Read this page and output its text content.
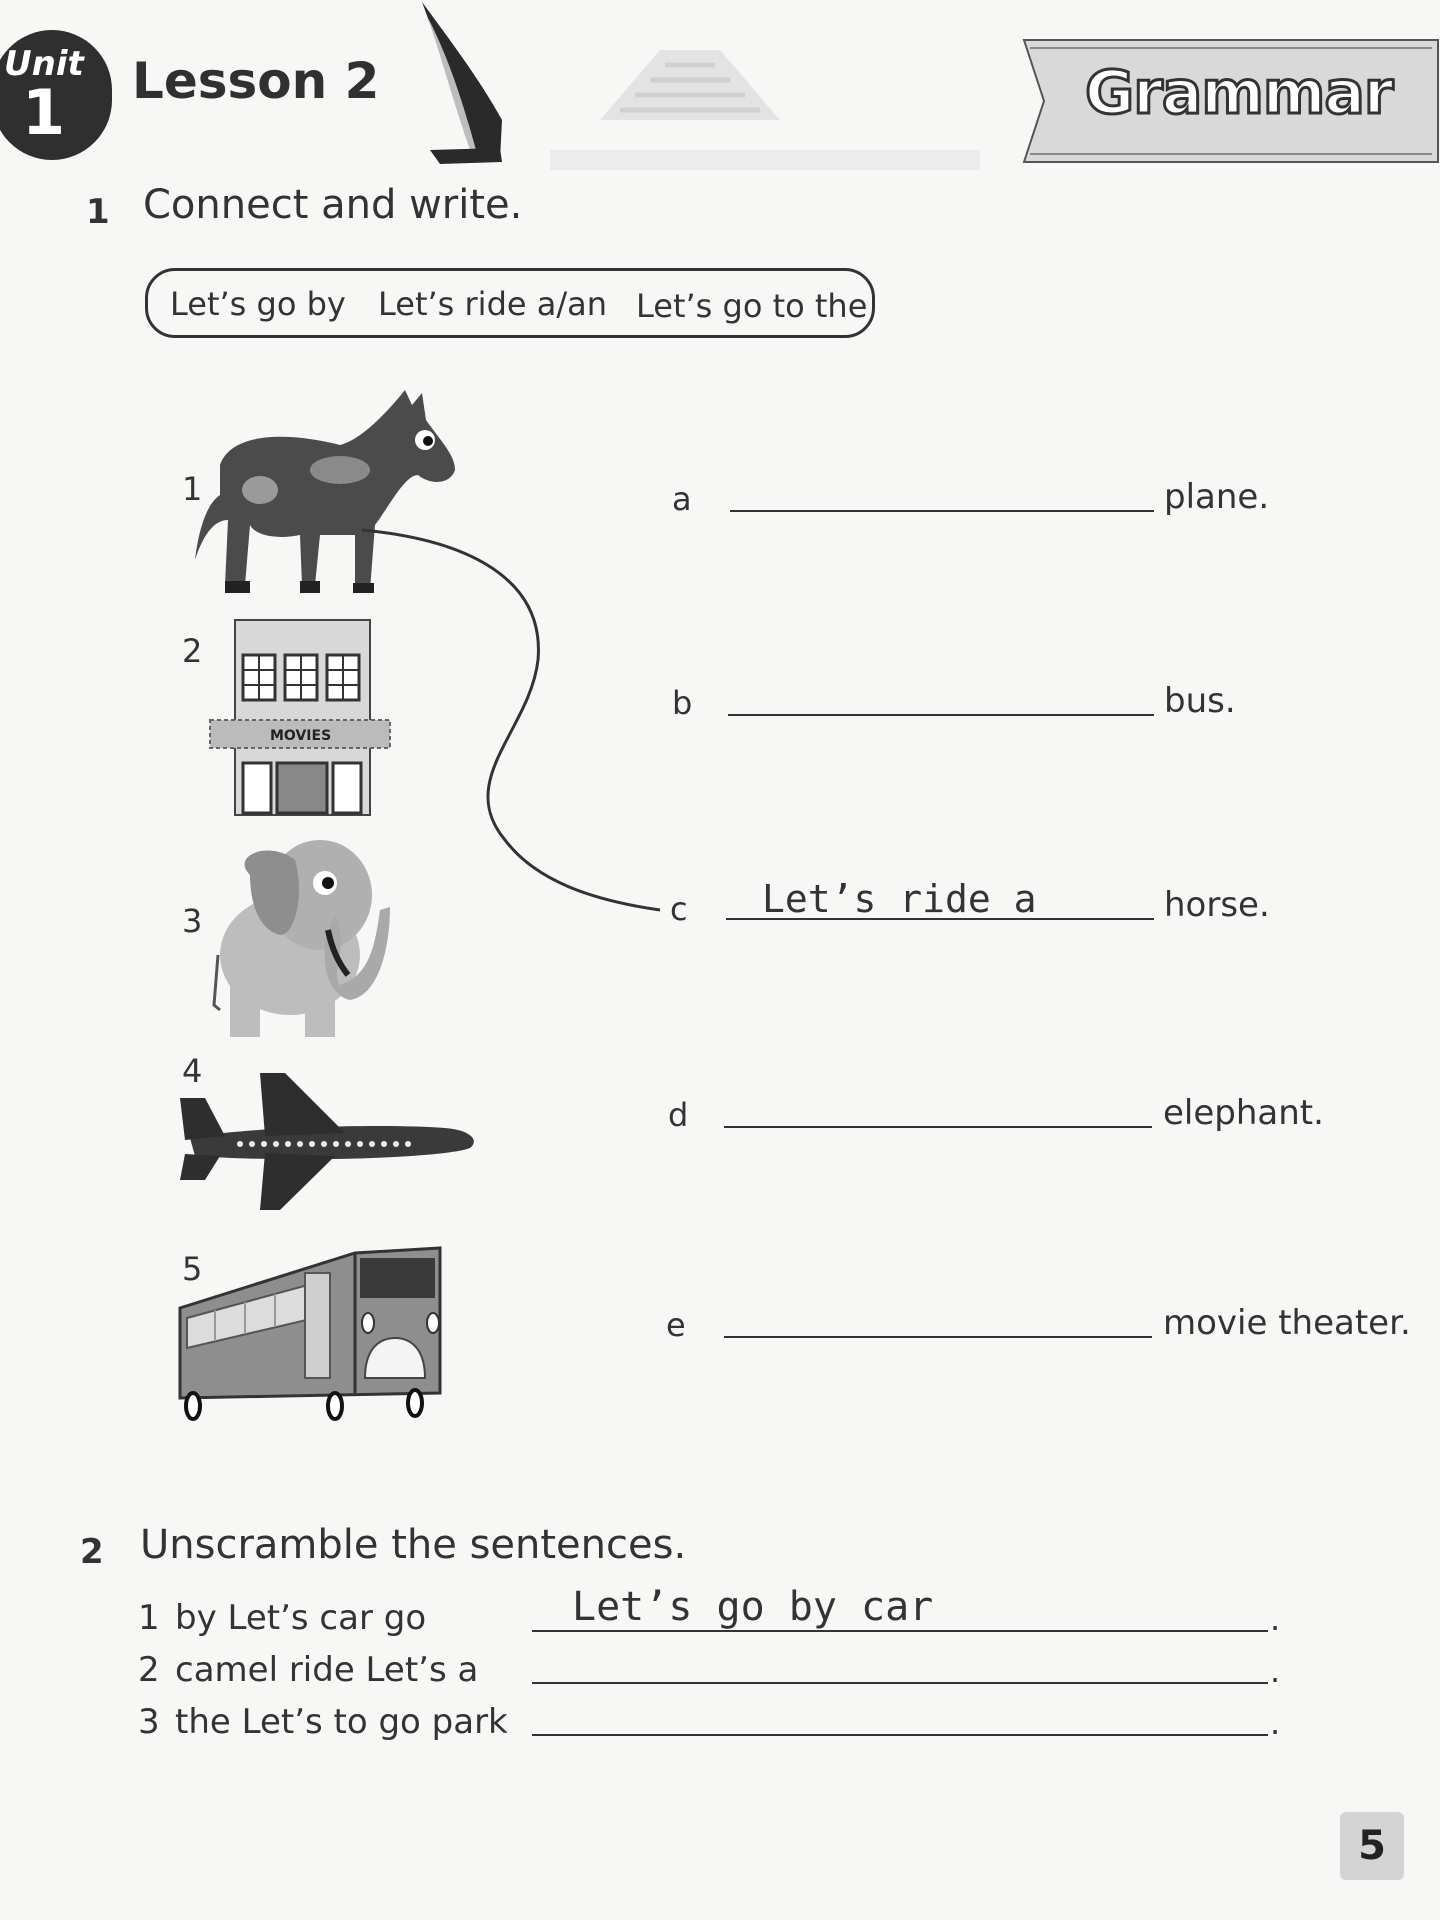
Unit
1 Lesson 2	Grammar
1 Connect and write.
Let’s go by Let’s ride a/an Let’s go to the
1
2
3
4
5
MOVIES
a	plane.
b	bus.
c Let’s ride a	horse.
d	elephant.
e	movie theater.
2 Unscramble the sentences.
1 by Let’s car go	Let’s go by car	.
2 camel ride Let’s a	.
3 the Let’s to go park	.
5
